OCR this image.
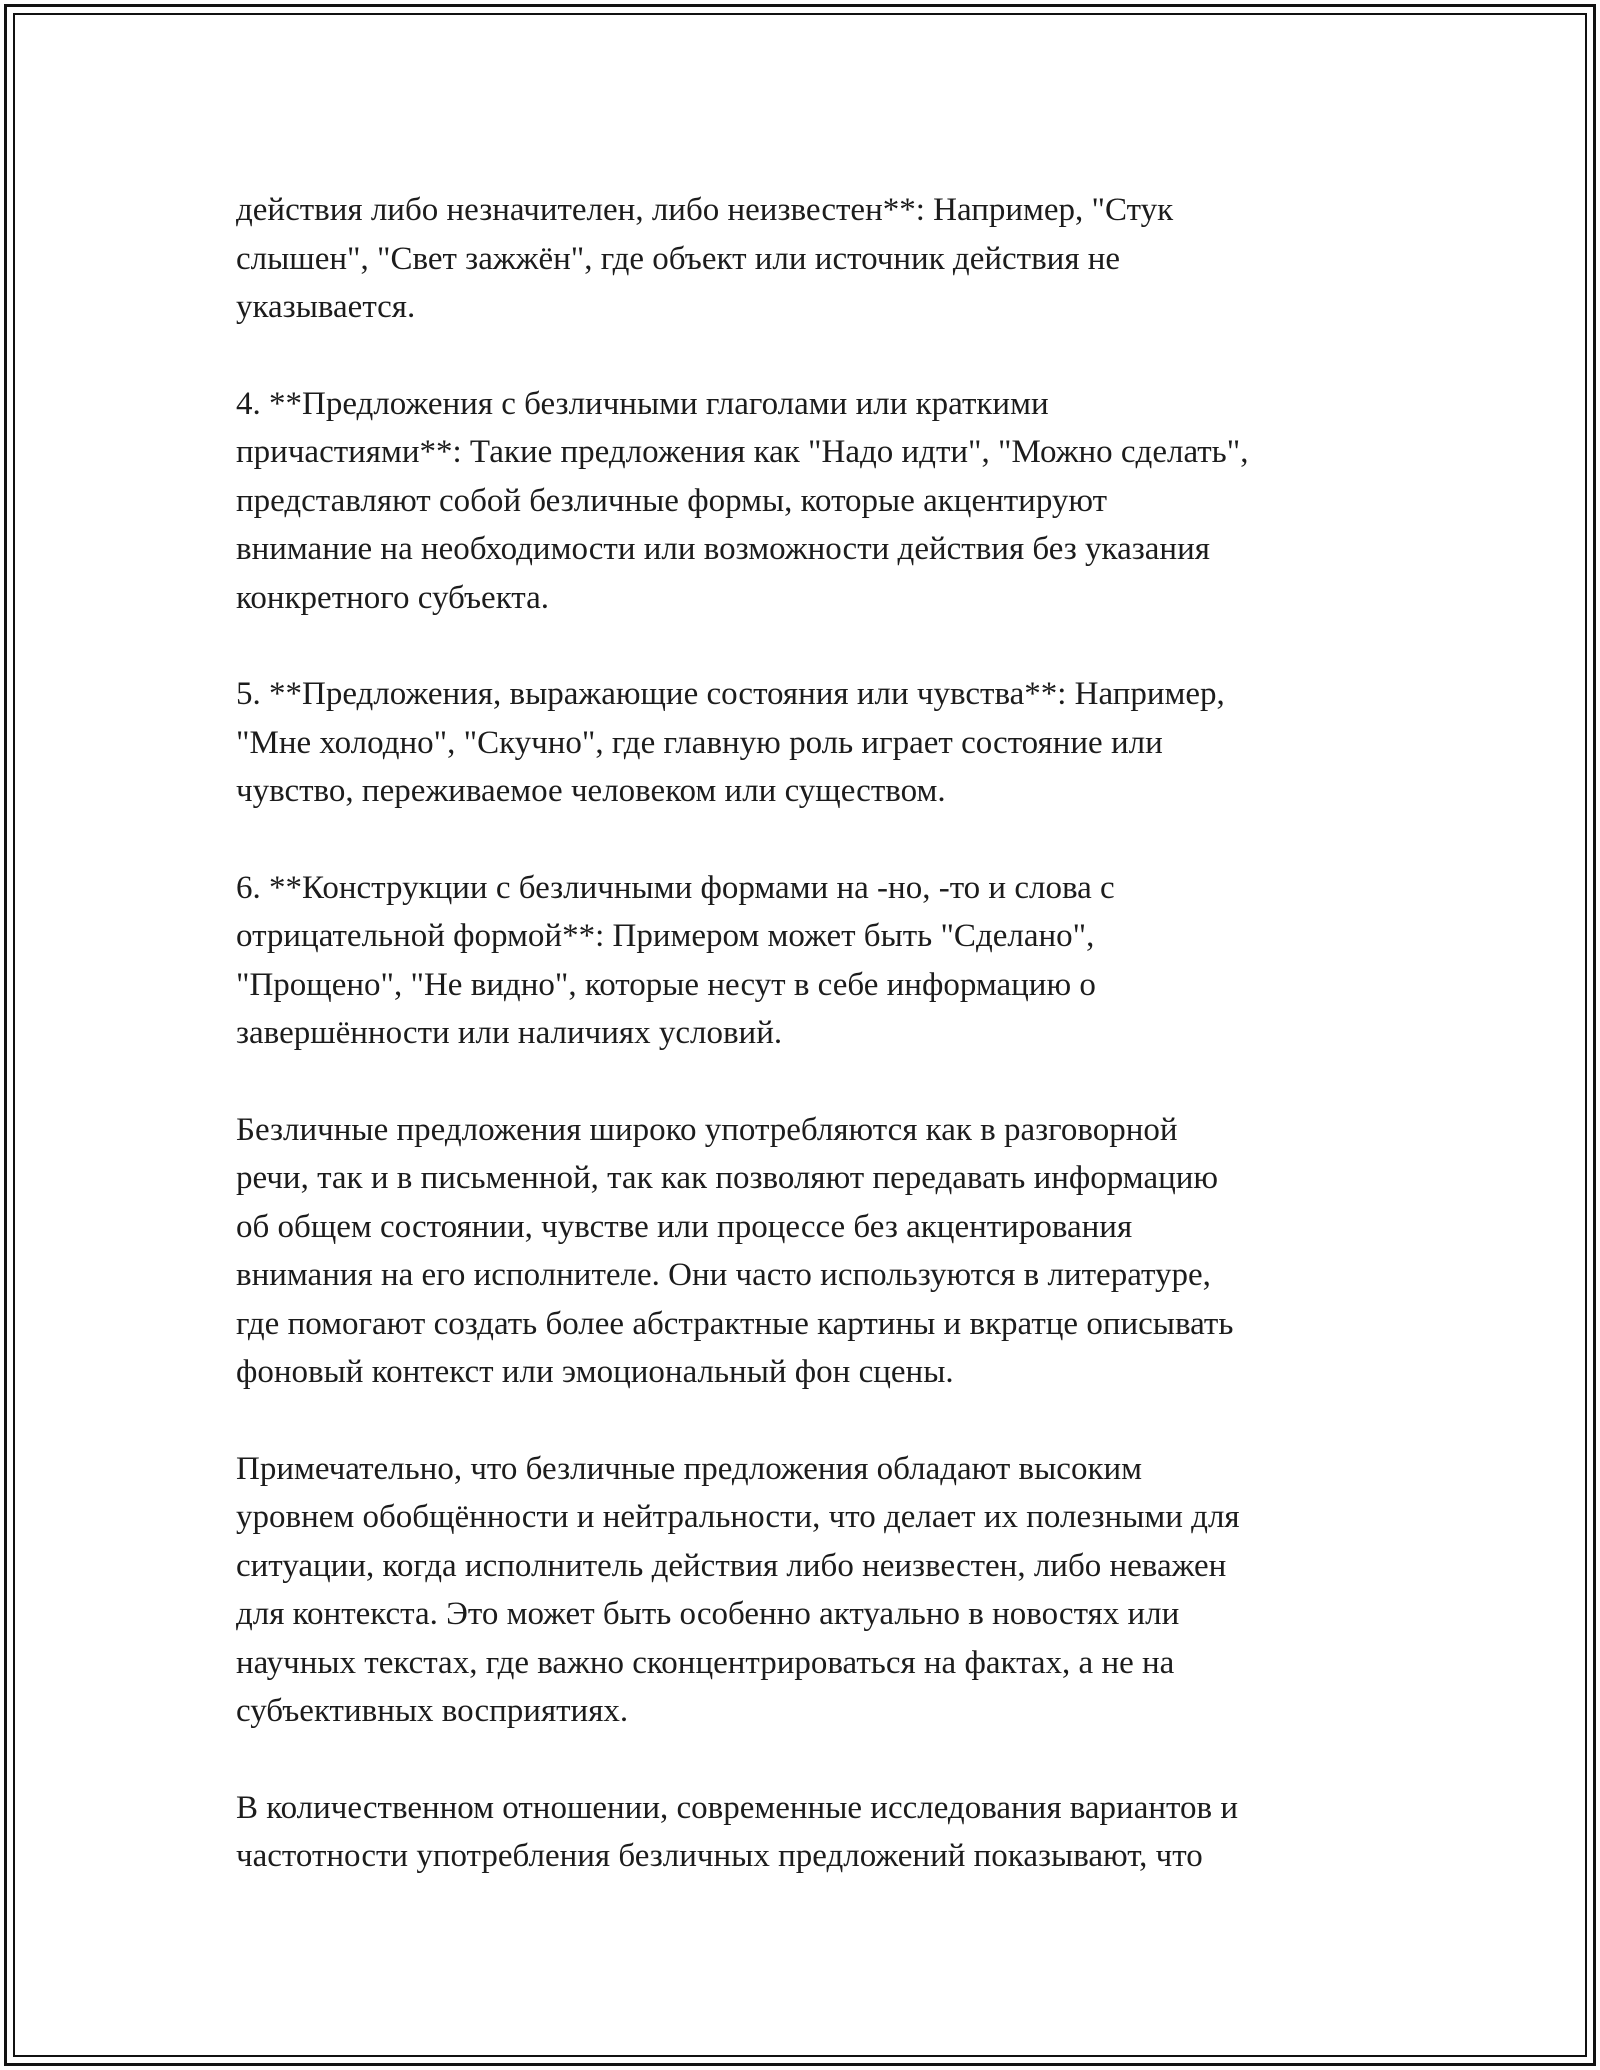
действия либо незначителен, либо неизвестен**: Например, "Стук
слышен", "Свет зажжён", где объект или источник действия не
указывается.

4. **Предложения с безличными глаголами или краткими
причастиями**: Такие предложения как "Надо идти", "Можно сделать",
представляют собой безличные формы, которые акцентируют
внимание на необходимости или возможности действия без указания
конкретного субъекта.

5. **Предложения, выражающие состояния или чувства**: Например,
"Мне холодно", "Скучно", где главную роль играет состояние или
чувство, переживаемое человеком или существом.

6. **Конструкции с безличными формами на -но, -то и слова с
отрицательной формой**: Примером может быть "Сделано",
"Прощено", "Не видно", которые несут в себе информацию о
завершённости или наличиях условий.

Безличные предложения широко употребляются как в разговорной
речи, так и в письменной, так как позволяют передавать информацию
об общем состоянии, чувстве или процессе без акцентирования
внимания на его исполнителе. Они часто используются в литературе,
где помогают создать более абстрактные картины и вкратце описывать
фоновый контекст или эмоциональный фон сцены.

Примечательно, что безличные предложения обладают высоким
уровнем обобщённости и нейтральности, что делает их полезными для
ситуации, когда исполнитель действия либо неизвестен, либо неважен
для контекста. Это может быть особенно актуально в новостях или
научных текстах, где важно сконцентрироваться на фактах, а не на
субъективных восприятиях.

В количественном отношении, современные исследования вариантов и
частотности употребления безличных предложений показывают, что
